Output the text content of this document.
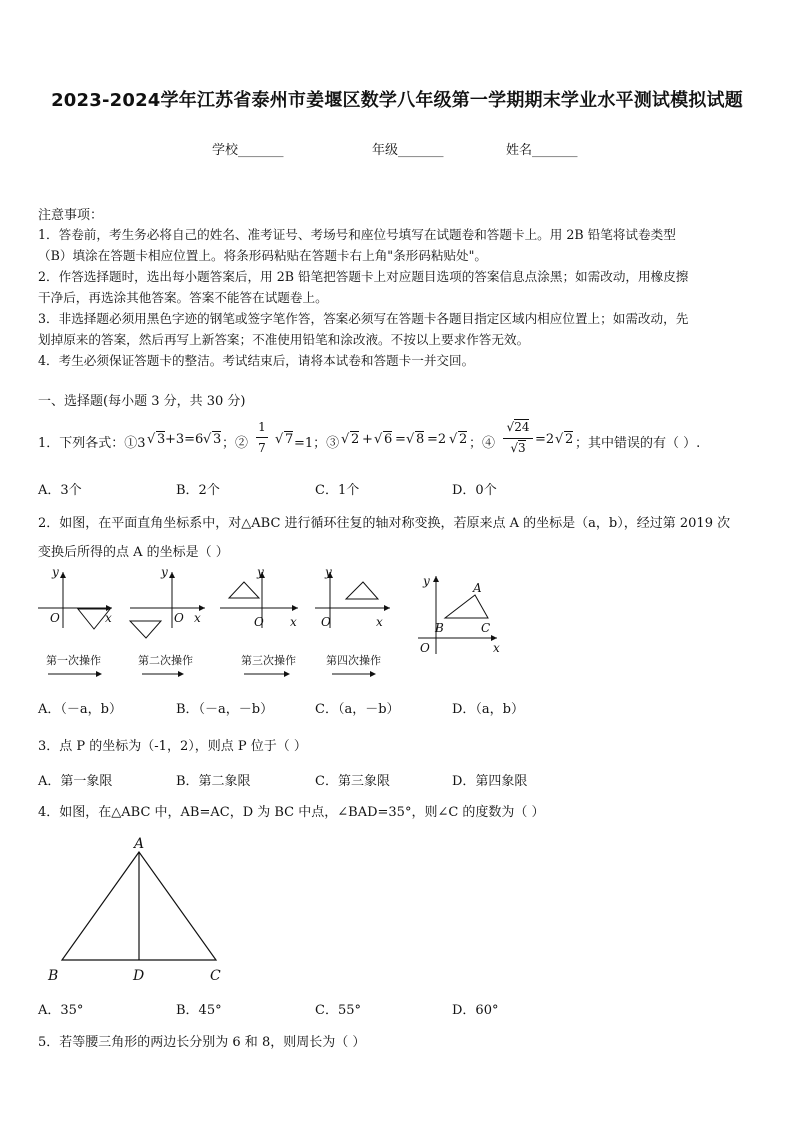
2023-2024学年江苏省泰州市姜堰区数学八年级第一学期期末学业水平测试模拟试题
学校_______	年级_______	姓名_______
注意事项：
1．答卷前，考生务必将自己的姓名、准考证号、考场号和座位号填写在试题卷和答题卡上。用 2B 铅笔将试卷类型
（B）填涂在答题卡相应位置上。将条形码粘贴在答题卡右上角"条形码粘贴处"。
2．作答选择题时，选出每小题答案后，用 2B 铅笔把答题卡上对应题目选项的答案信息点涂黑；如需改动，用橡皮擦
干净后，再选涂其他答案。答案不能答在试题卷上。
3．非选择题必须用黑色字迹的钢笔或签字笔作答，答案必须写在答题卡各题目指定区域内相应位置上；如需改动，先
划掉原来的答案，然后再写上新答案；不准使用铅笔和涂改液。不按以上要求作答无效。
4．考生必须保证答题卡的整洁。考试结束后，请将本试卷和答题卡一并交回。
一、选择题(每小题 3 分，共 30 分)
1．下列各式：①3 √ 3 +3=6 √ 3 ；②
1
7
√ 7 =1；③ √ 2 + √ 6 = √ 8 =2 √ 2 ；④
√24
√3
=2 √ 2 ；其中错误的有（ ）.
A．3个	B．2个	C．1个	D．0个
2．如图，在平面直角坐标系中，对△ABC 进行循环往复的轴对称变换，若原来点 A 的坐标是（a，b），经过第 2019 次
变换后所得的点 A 的坐标是（ ）
y
x
O
y
x
O
y
x
O
y
x
O
y
x
O
A
B	C
第一次操作	第二次操作	第三次操作	第四次操作
A．（－a，b）	B．（－a，－b）	C．（a，－b）	D．（a，b）
3．点 P 的坐标为（-1，2），则点 P 位于（ ）
A．第一象限	B．第二象限	C．第三象限	D．第四象限
4．如图，在△ABC 中，AB=AC，D 为 BC 中点，∠BAD=35°，则∠C 的度数为（ ）
A
B	D	C
A．35°	B．45°	C．55°	D．60°
5．若等腰三角形的两边长分别为 6 和 8，则周长为（ ）
